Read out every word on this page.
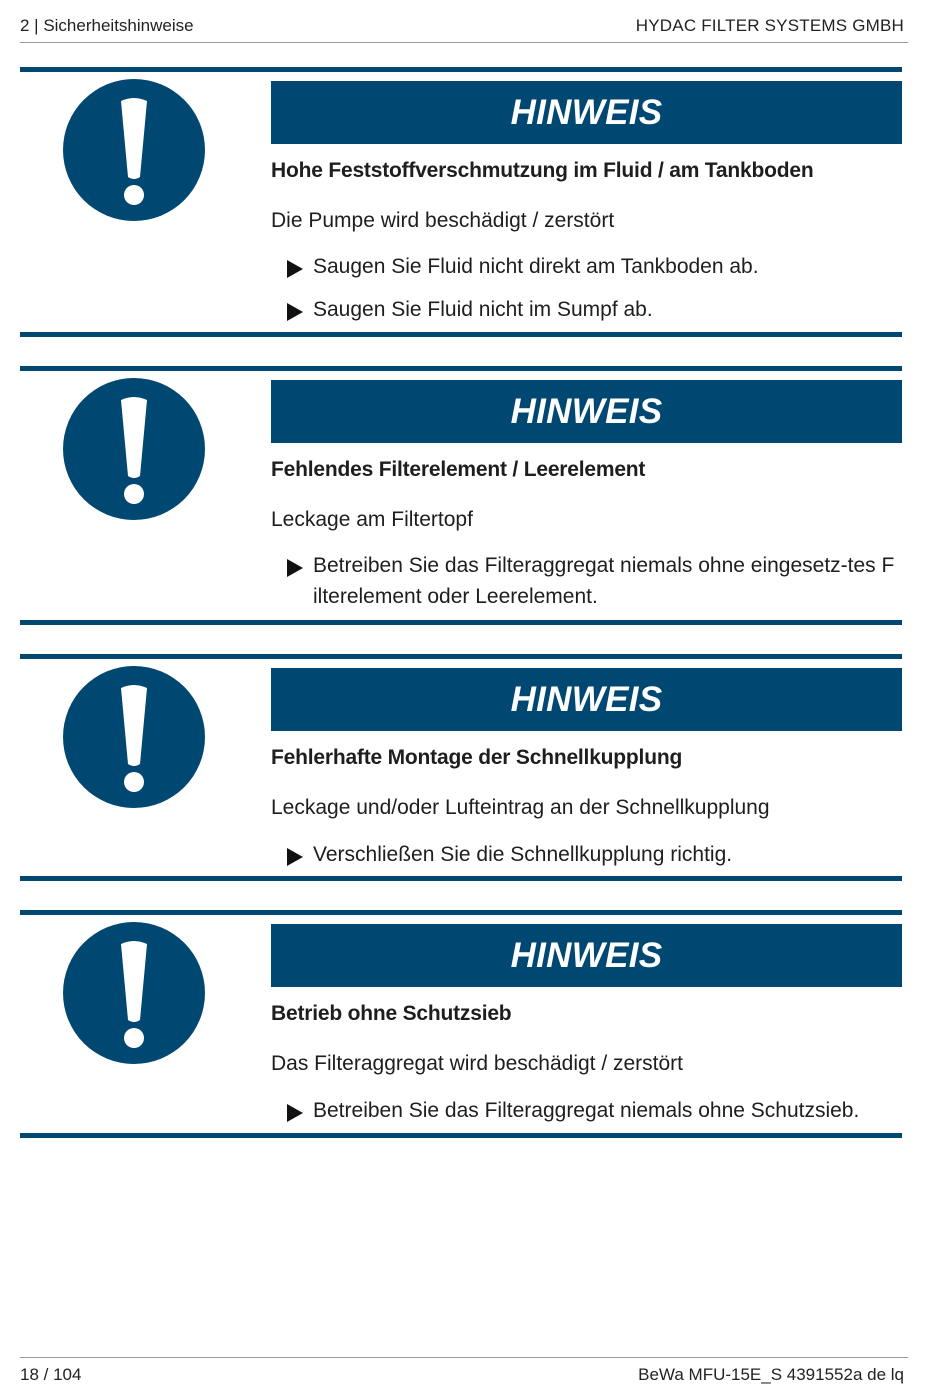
2 | Sicherheitshinweise	HYDAC FILTER SYSTEMS GMBH
HINWEIS
Hohe Feststoffverschmutzung im Fluid / am Tankboden
Die Pumpe wird beschädigt / zerstört
Saugen Sie Fluid nicht direkt am Tankboden ab.
Saugen Sie Fluid nicht im Sumpf ab.
HINWEIS
Fehlendes Filterelement / Leerelement
Leckage am Filtertopf
Betreiben Sie das Filteraggregat niemals ohne eingesetz-tes Filterelement oder Leerelement.
HINWEIS
Fehlerhafte Montage der Schnellkupplung
Leckage und/oder Lufteintrag an der Schnellkupplung
Verschließen Sie die Schnellkupplung richtig.
HINWEIS
Betrieb ohne Schutzsieb
Das Filteraggregat wird beschädigt / zerstört
Betreiben Sie das Filteraggregat niemals ohne Schutzsieb.
18 / 104	BeWa MFU-15E_S 4391552a de lq
